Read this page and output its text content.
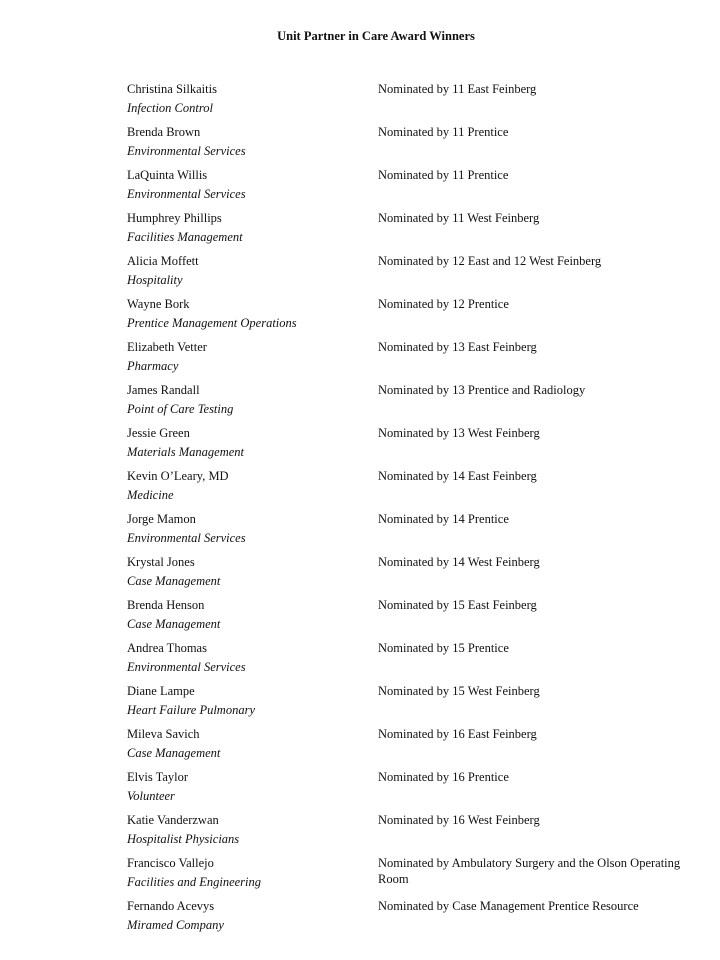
Unit Partner in Care Award Winners
Christina Silkaitis
Infection Control
Nominated by 11 East Feinberg
Brenda Brown
Environmental Services
Nominated by 11 Prentice
LaQuinta Willis
Environmental Services
Nominated by 11 Prentice
Humphrey Phillips
Facilities Management
Nominated by 11 West Feinberg
Alicia Moffett
Hospitality
Nominated by 12 East and 12 West Feinberg
Wayne Bork
Prentice Management Operations
Nominated by 12 Prentice
Elizabeth Vetter
Pharmacy
Nominated by 13 East Feinberg
James Randall
Point of Care Testing
Nominated by 13 Prentice and Radiology
Jessie Green
Materials Management
Nominated by 13 West Feinberg
Kevin O’Leary, MD
Medicine
Nominated by 14 East Feinberg
Jorge Mamon
Environmental Services
Nominated by 14 Prentice
Krystal Jones
Case Management
Nominated by 14 West Feinberg
Brenda Henson
Case Management
Nominated by 15 East Feinberg
Andrea Thomas
Environmental Services
Nominated by 15 Prentice
Diane Lampe
Heart Failure Pulmonary
Nominated by 15 West Feinberg
Mileva Savich
Case Management
Nominated by 16 East Feinberg
Elvis Taylor
Volunteer
Nominated by 16 Prentice
Katie Vanderzwan
Hospitalist Physicians
Nominated by 16 West Feinberg
Francisco Vallejo
Facilities and Engineering
Nominated by Ambulatory Surgery and the Olson Operating Room
Fernando Acevys
Miramed Company
Nominated by Case Management Prentice Resource
